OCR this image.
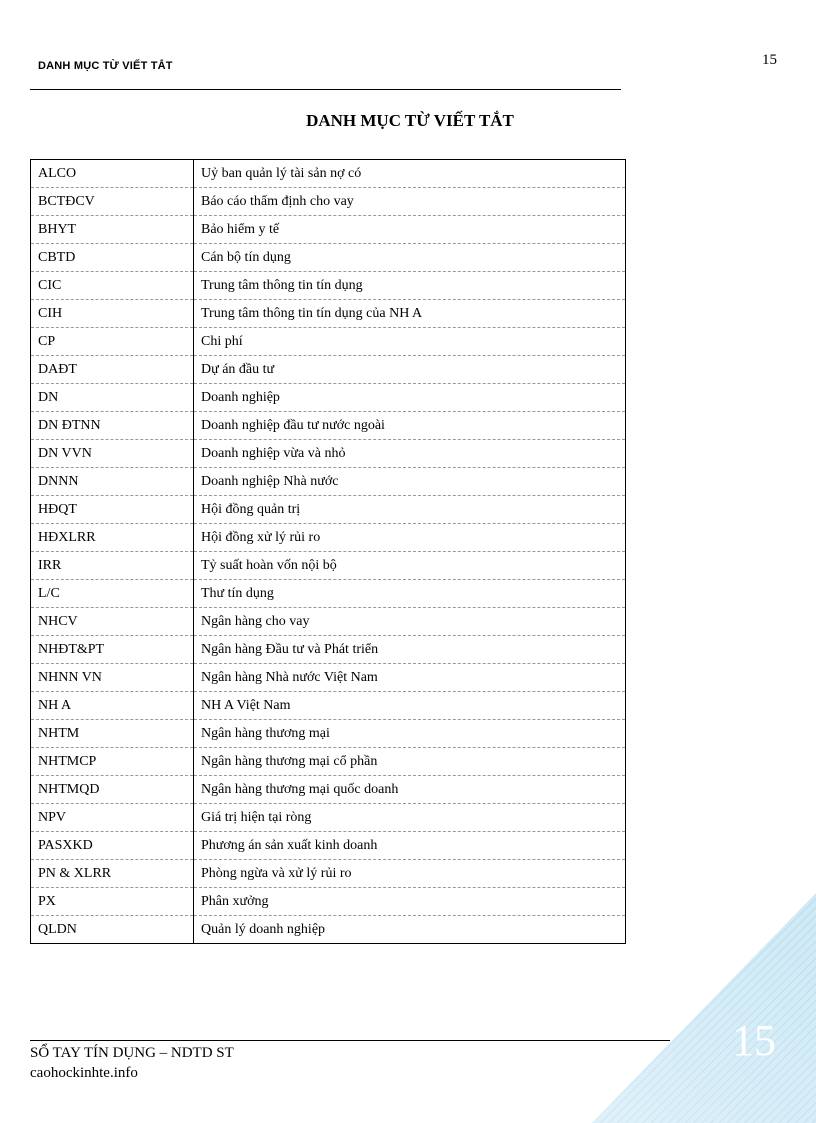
DANH MỤC TỪ VIẾT TẮT	15
DANH MỤC TỪ VIẾT TẮT
ALCO	Uỷ ban quản lý tài sản nợ có
BCTĐCV	Báo cáo thẩm định cho vay
BHYT	Bảo hiểm y tế
CBTD	Cán bộ tín dụng
CIC	Trung tâm thông tin tín dụng
CIH	Trung tâm thông tin tín dụng của NH A
CP	Chi phí
DAĐT	Dự án đầu tư
DN	Doanh nghiệp
DN ĐTNN	Doanh nghiệp đầu tư nước ngoài
DN VVN	Doanh nghiệp vừa và nhỏ
DNNN	Doanh nghiệp Nhà nước
HĐQT	Hội đồng quản trị
HĐXLRR	Hội đồng xử lý rủi ro
IRR	Tỷ suất hoàn vốn nội bộ
L/C	Thư tín dụng
NHCV	Ngân hàng cho vay
NHĐT&PT	Ngân hàng Đầu tư và Phát triển
NHNN VN	Ngân hàng Nhà nước Việt Nam
NH A	NH A Việt Nam
NHTM	Ngân hàng thương mại
NHTMCP	Ngân hàng thương mại cổ phần
NHTMQD	Ngân hàng thương mại quốc doanh
NPV	Giá trị hiện tại ròng
PASXKD	Phương án sản xuất kinh doanh
PN & XLRR	Phòng ngừa và xử lý rủi ro
PX	Phân xưởng
QLDN	Quản lý doanh nghiệp
15
SỔ TAY TÍN DỤNG – NDTD ST
caohockinhte.info
